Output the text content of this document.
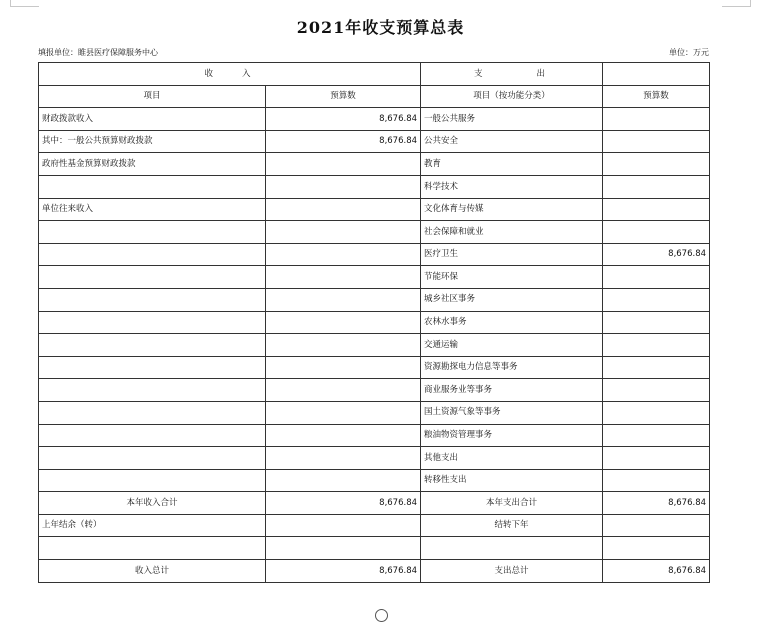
2021年收支预算总表
填报单位：睢县医疗保障服务中心	单位：万元
收　　入		支　　　　出	
项目	预算数	项目（按功能分类）	预算数
财政拨款收入	8,676.84	一般公共服务	
其中：一般公共预算财政拨款	8,676.84	公共安全	
政府性基金预算财政拨款		教育	
		科学技术	
单位往来收入		文化体育与传媒	
		社会保障和就业	
		医疗卫生	8,676.84
		节能环保	
		城乡社区事务	
		农林水事务	
		交通运输	
		资源勘探电力信息等事务	
		商业服务业等事务	
		国土资源气象等事务	
		粮油物资管理事务	
		其他支出	
		转移性支出	
本年收入合计	8,676.84	本年支出合计	8,676.84
上年结余（转）		结转下年	

收入总计	8,676.84	支出总计	8,676.84
